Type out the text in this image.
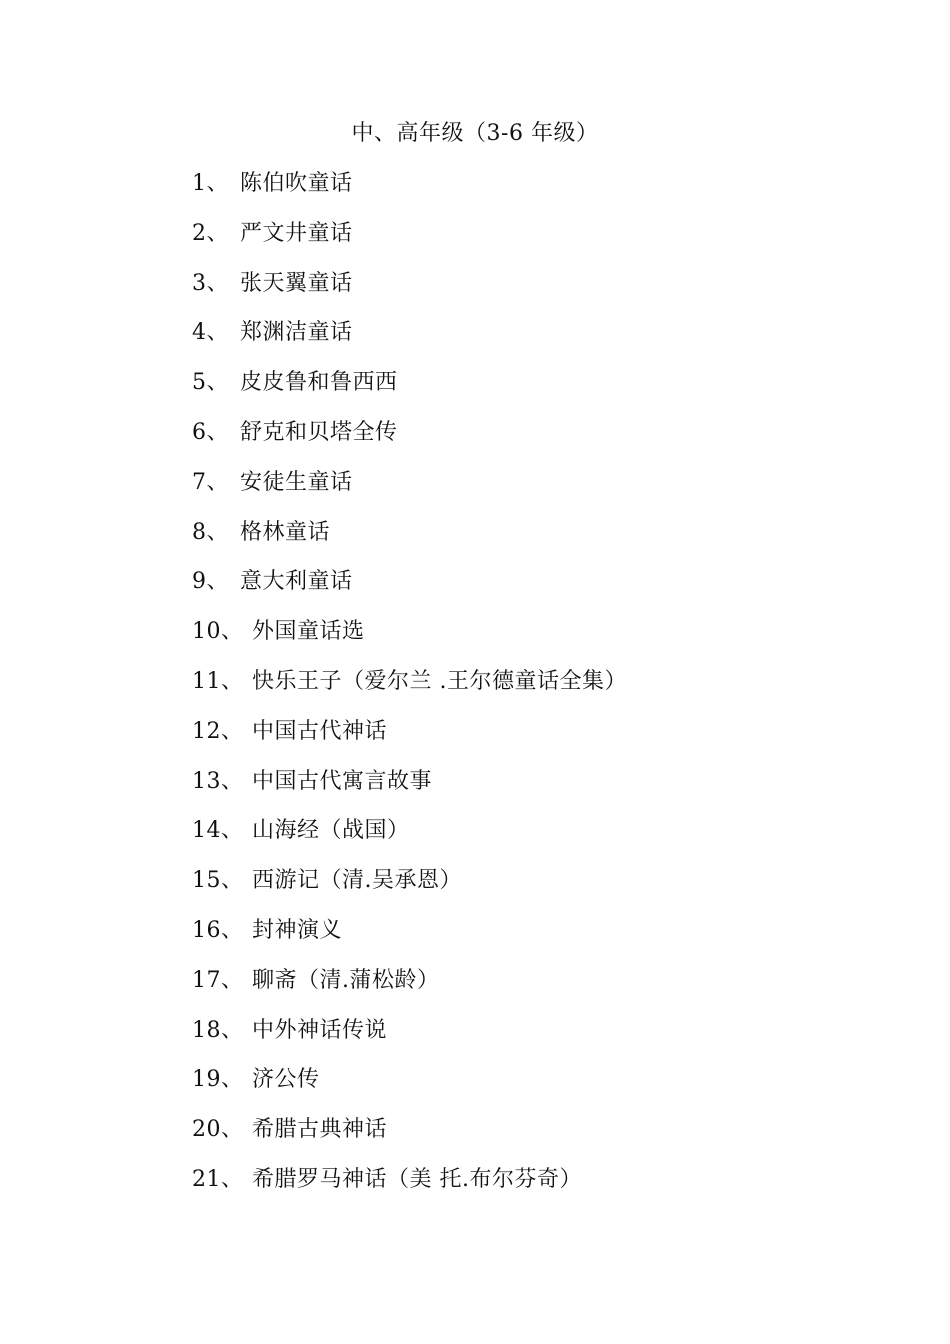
中、高年级（3-6 年级）
1、 陈伯吹童话
2、 严文井童话
3、 张天翼童话
4、 郑渊洁童话
5、 皮皮鲁和鲁西西
6、 舒克和贝塔全传
7、 安徒生童话
8、 格林童话
9、 意大利童话
10、 外国童话选
11、 快乐王子（爱尔兰 .王尔德童话全集）
12、 中国古代神话
13、 中国古代寓言故事
14、 山海经（战国）
15、 西游记（清.吴承恩）
16、 封神演义
17、 聊斋（清.蒲松龄）
18、 中外神话传说
19、 济公传
20、 希腊古典神话
21、 希腊罗马神话（美 托.布尔芬奇）
